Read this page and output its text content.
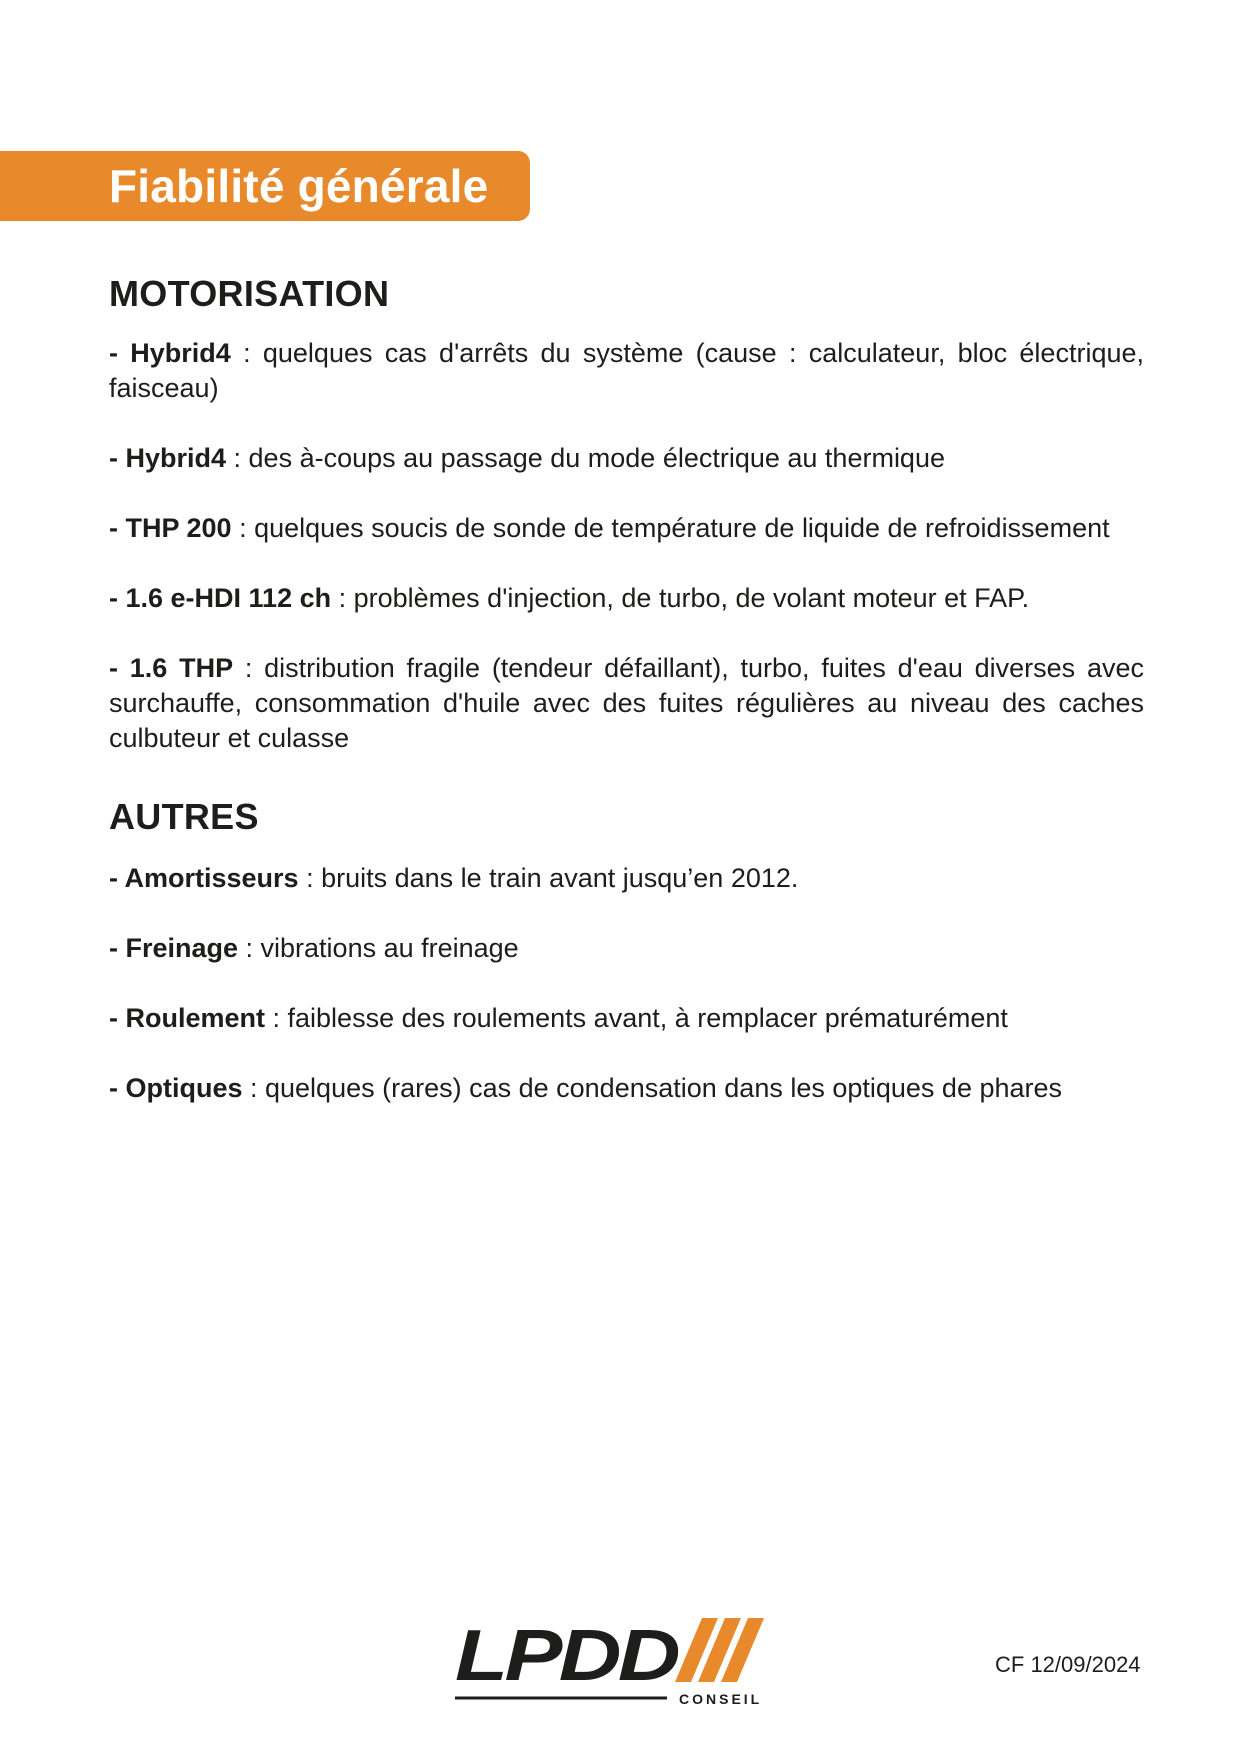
Fiabilité générale
MOTORISATION

- Hybrid4 : quelques cas d'arrêts du système (cause : calculateur, bloc électrique, faisceau)

- Hybrid4 : des à-coups au passage du mode électrique au thermique

- THP 200 : quelques soucis de sonde de température de liquide de refroidissement

- 1.6 e-HDI 112 ch : problèmes d'injection, de turbo, de volant moteur et FAP.

- 1.6 THP : distribution fragile (tendeur défaillant), turbo, fuites d'eau diverses avec surchauffe, consommation d'huile avec des fuites régulières au niveau des caches culbuteur et culasse

AUTRES

- Amortisseurs : bruits dans le train avant jusqu’en 2012.

- Freinage : vibrations au freinage

- Roulement : faiblesse des roulements avant, à remplacer prématurément

- Optiques : quelques (rares) cas de condensation dans les optiques de phares

LPDD
CONSEIL
CF 12/09/2024
